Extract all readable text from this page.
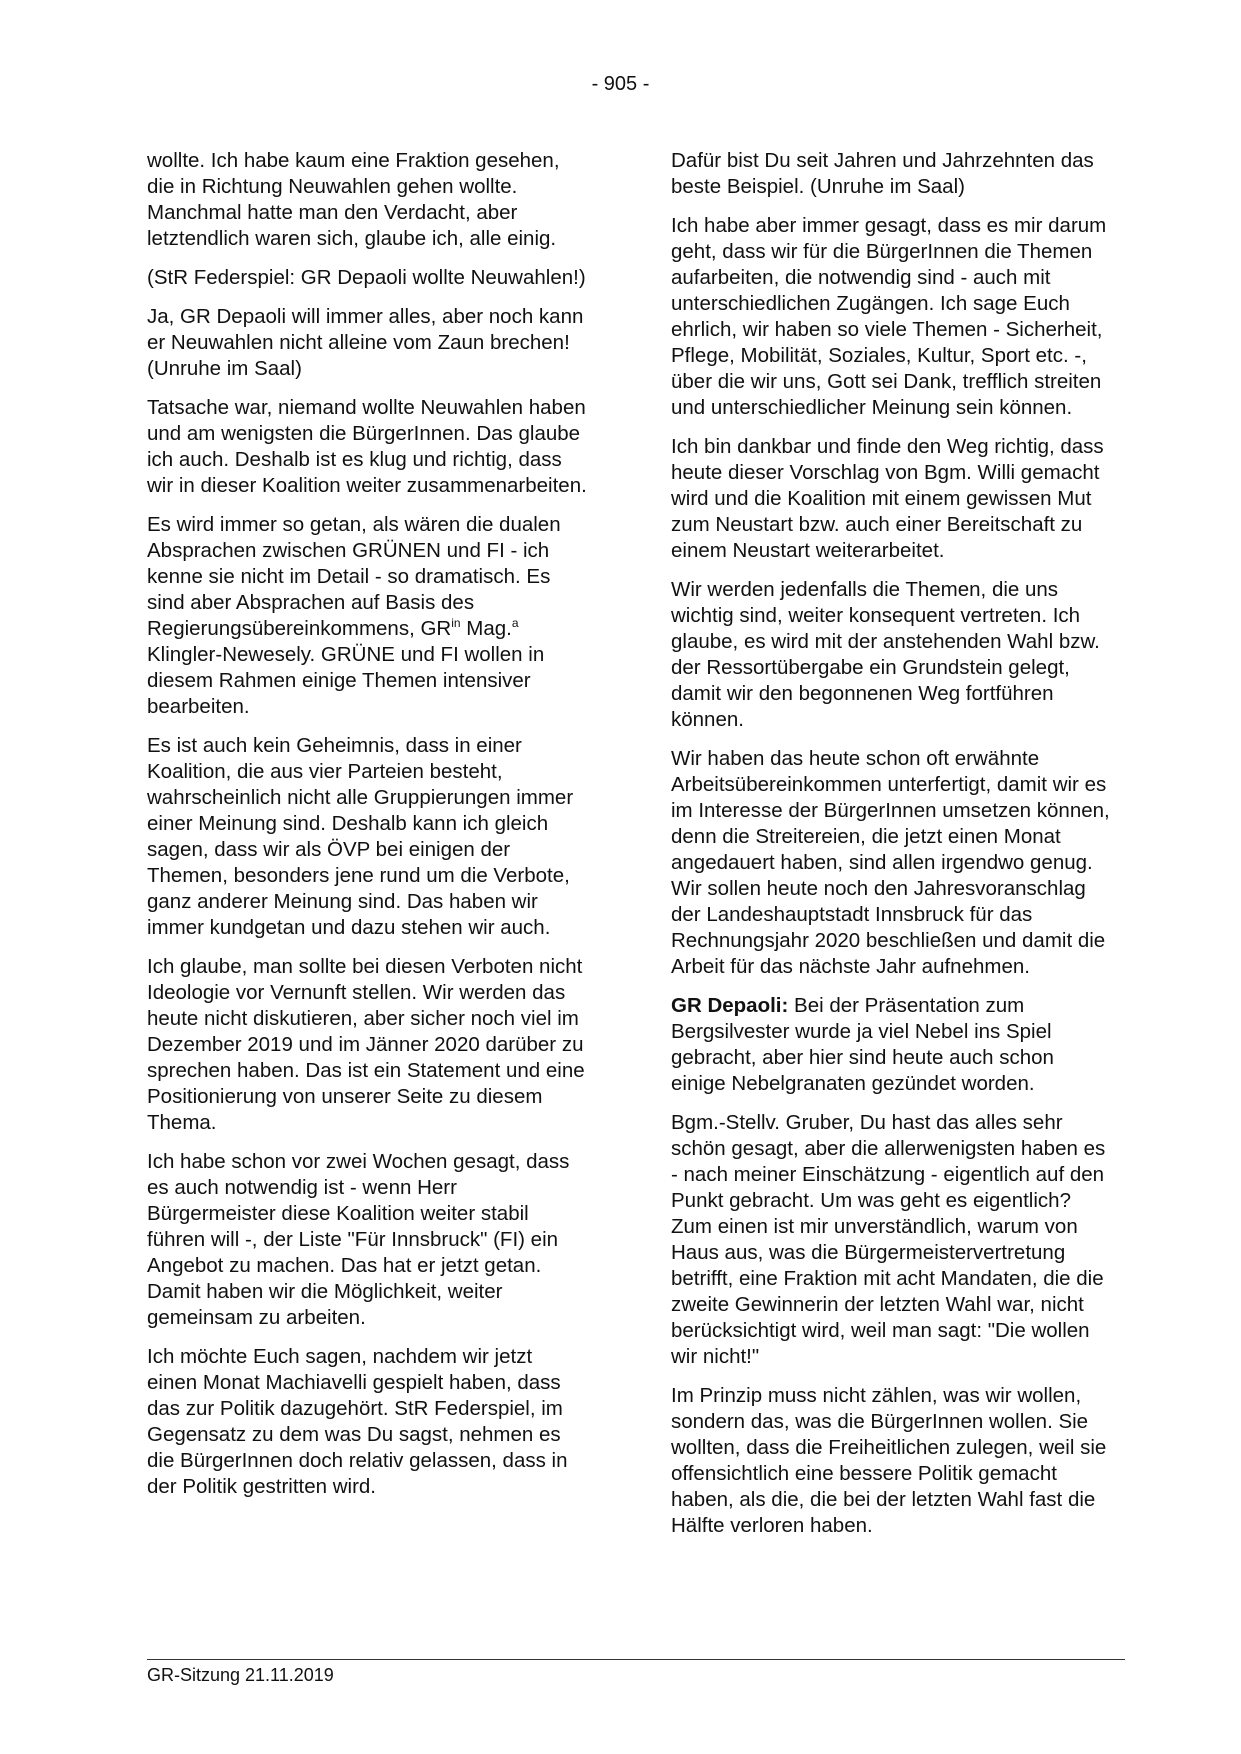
- 905 -

wollte. Ich habe kaum eine Fraktion gesehen, die in Richtung Neuwahlen gehen wollte. Manchmal hatte man den Verdacht, aber letztendlich waren sich, glaube ich, alle einig.

(StR Federspiel: GR Depaoli wollte Neuwahlen!)

Ja, GR Depaoli will immer alles, aber noch kann er Neuwahlen nicht alleine vom Zaun brechen! (Unruhe im Saal)

Tatsache war, niemand wollte Neuwahlen haben und am wenigsten die BürgerInnen. Das glaube ich auch. Deshalb ist es klug und richtig, dass wir in dieser Koalition weiter zusammenarbeiten.

Es wird immer so getan, als wären die dualen Absprachen zwischen GRÜNEN und FI - ich kenne sie nicht im Detail - so dramatisch. Es sind aber Absprachen auf Basis des Regierungsübereinkommens, $GR^{in}$ Mag.$^a$ Klingler-Newesely. GRÜNE und FI wollen in diesem Rahmen einige Themen intensiver bearbeiten.

Es ist auch kein Geheimnis, dass in einer Koalition, die aus vier Parteien besteht, wahrscheinlich nicht alle Gruppierungen immer einer Meinung sind. Deshalb kann ich gleich sagen, dass wir als ÖVP bei einigen der Themen, besonders jene rund um die Verbote, ganz anderer Meinung sind. Das haben wir immer kundgetan und dazu stehen wir auch.

Ich glaube, man sollte bei diesen Verboten nicht Ideologie vor Vernunft stellen. Wir werden das heute nicht diskutieren, aber sicher noch viel im Dezember 2019 und im Jänner 2020 darüber zu sprechen haben. Das ist ein Statement und eine Positionierung von unserer Seite zu diesem Thema.

Ich habe schon vor zwei Wochen gesagt, dass es auch notwendig ist - wenn Herr Bürgermeister diese Koalition weiter stabil führen will -, der Liste "Für Innsbruck" (FI) ein Angebot zu machen. Das hat er jetzt getan. Damit haben wir die Möglichkeit, weiter gemeinsam zu arbeiten.

Ich möchte Euch sagen, nachdem wir jetzt einen Monat Machiavelli gespielt haben, dass das zur Politik dazugehört. StR Federspiel, im Gegensatz zu dem was Du sagst, nehmen es die BürgerInnen doch relativ gelassen, dass in der Politik gestritten wird.

Dafür bist Du seit Jahren und Jahrzehnten das beste Beispiel. (Unruhe im Saal)

Ich habe aber immer gesagt, dass es mir darum geht, dass wir für die BürgerInnen die Themen aufarbeiten, die notwendig sind - auch mit unterschiedlichen Zugängen. Ich sage Euch ehrlich, wir haben so viele Themen - Sicherheit, Pflege, Mobilität, Soziales, Kultur, Sport etc. -, über die wir uns, Gott sei Dank, trefflich streiten und unterschiedlicher Meinung sein können.

Ich bin dankbar und finde den Weg richtig, dass heute dieser Vorschlag von Bgm. Willi gemacht wird und die Koalition mit einem gewissen Mut zum Neustart bzw. auch einer Bereitschaft zu einem Neustart weiterarbeitet.

Wir werden jedenfalls die Themen, die uns wichtig sind, weiter konsequent vertreten. Ich glaube, es wird mit der anstehenden Wahl bzw. der Ressortübergabe ein Grundstein gelegt, damit wir den begonnenen Weg fortführen können.

Wir haben das heute schon oft erwähnte Arbeitsübereinkommen unterfertigt, damit wir es im Interesse der BürgerInnen umsetzen können, denn die Streitereien, die jetzt einen Monat angedauert haben, sind allen irgendwo genug. Wir sollen heute noch den Jahresvoranschlag der Landeshauptstadt Innsbruck für das Rechnungsjahr 2020 beschließen und damit die Arbeit für das nächste Jahr aufnehmen.

GR Depaoli: Bei der Präsentation zum Bergsilvester wurde ja viel Nebel ins Spiel gebracht, aber hier sind heute auch schon einige Nebelgranaten gezündet worden.

Bgm.-Stellv. Gruber, Du hast das alles sehr schön gesagt, aber die allerwenigsten haben es - nach meiner Einschätzung - eigentlich auf den Punkt gebracht. Um was geht es eigentlich? Zum einen ist mir unverständlich, warum von Haus aus, was die Bürgermeistervertretung betrifft, eine Fraktion mit acht Mandaten, die die zweite Gewinnerin der letzten Wahl war, nicht berücksichtigt wird, weil man sagt: "Die wollen wir nicht!"

Im Prinzip muss nicht zählen, was wir wollen, sondern das, was die BürgerInnen wollen. Sie wollten, dass die Freiheitlichen zulegen, weil sie offensichtlich eine bessere Politik gemacht haben, als die, die bei der letzten Wahl fast die Hälfte verloren haben.

GR-Sitzung 21.11.2019
